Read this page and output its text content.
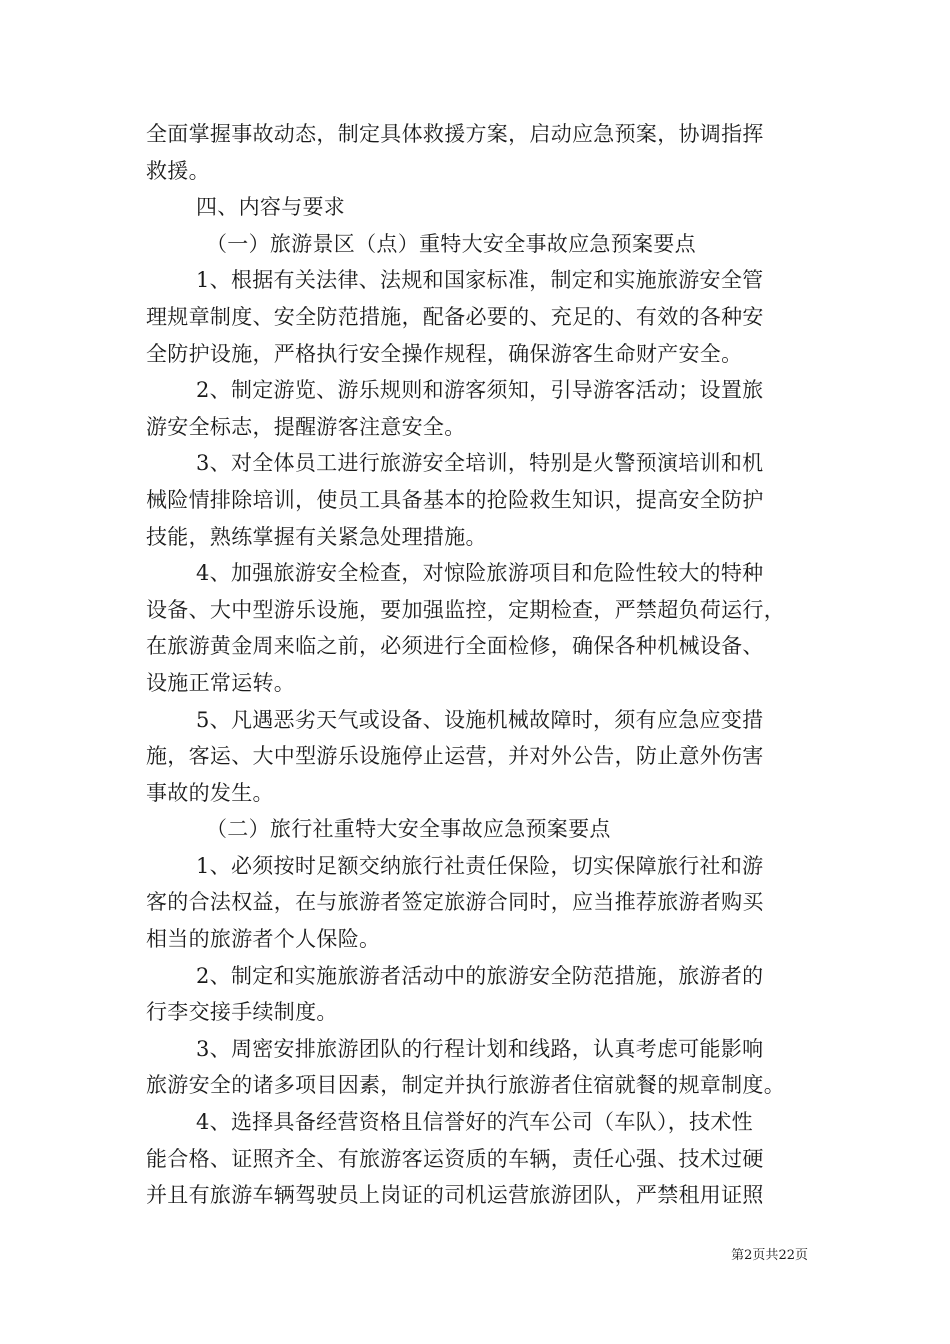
全面掌握事故动态，制定具体救援方案，启动应急预案，协调指挥
救援。
四、内容与要求
（一）旅游景区（点）重特大安全事故应急预案要点
1、根据有关法律、法规和国家标准，制定和实施旅游安全管
理规章制度、安全防范措施，配备必要的、充足的、有效的各种安
全防护设施，严格执行安全操作规程，确保游客生命财产安全。
2、制定游览、游乐规则和游客须知，引导游客活动；设置旅
游安全标志，提醒游客注意安全。
3、对全体员工进行旅游安全培训，特别是火警预演培训和机
械险情排除培训，使员工具备基本的抢险救生知识，提高安全防护
技能，熟练掌握有关紧急处理措施。
4、加强旅游安全检查，对惊险旅游项目和危险性较大的特种
设备、大中型游乐设施，要加强监控，定期检查，严禁超负荷运行，
在旅游黄金周来临之前，必须进行全面检修，确保各种机械设备、
设施正常运转。
5、凡遇恶劣天气或设备、设施机械故障时，须有应急应变措
施，客运、大中型游乐设施停止运营，并对外公告，防止意外伤害
事故的发生。
（二）旅行社重特大安全事故应急预案要点
1、必须按时足额交纳旅行社责任保险，切实保障旅行社和游
客的合法权益，在与旅游者签定旅游合同时，应当推荐旅游者购买
相当的旅游者个人保险。
2、制定和实施旅游者活动中的旅游安全防范措施，旅游者的
行李交接手续制度。
3、周密安排旅游团队的行程计划和线路，认真考虑可能影响
旅游安全的诸多项目因素，制定并执行旅游者住宿就餐的规章制度。
4、选择具备经营资格且信誉好的汽车公司（车队），技术性
能合格、证照齐全、有旅游客运资质的车辆，责任心强、技术过硬
并且有旅游车辆驾驶员上岗证的司机运营旅游团队，严禁租用证照
第2页共22页
